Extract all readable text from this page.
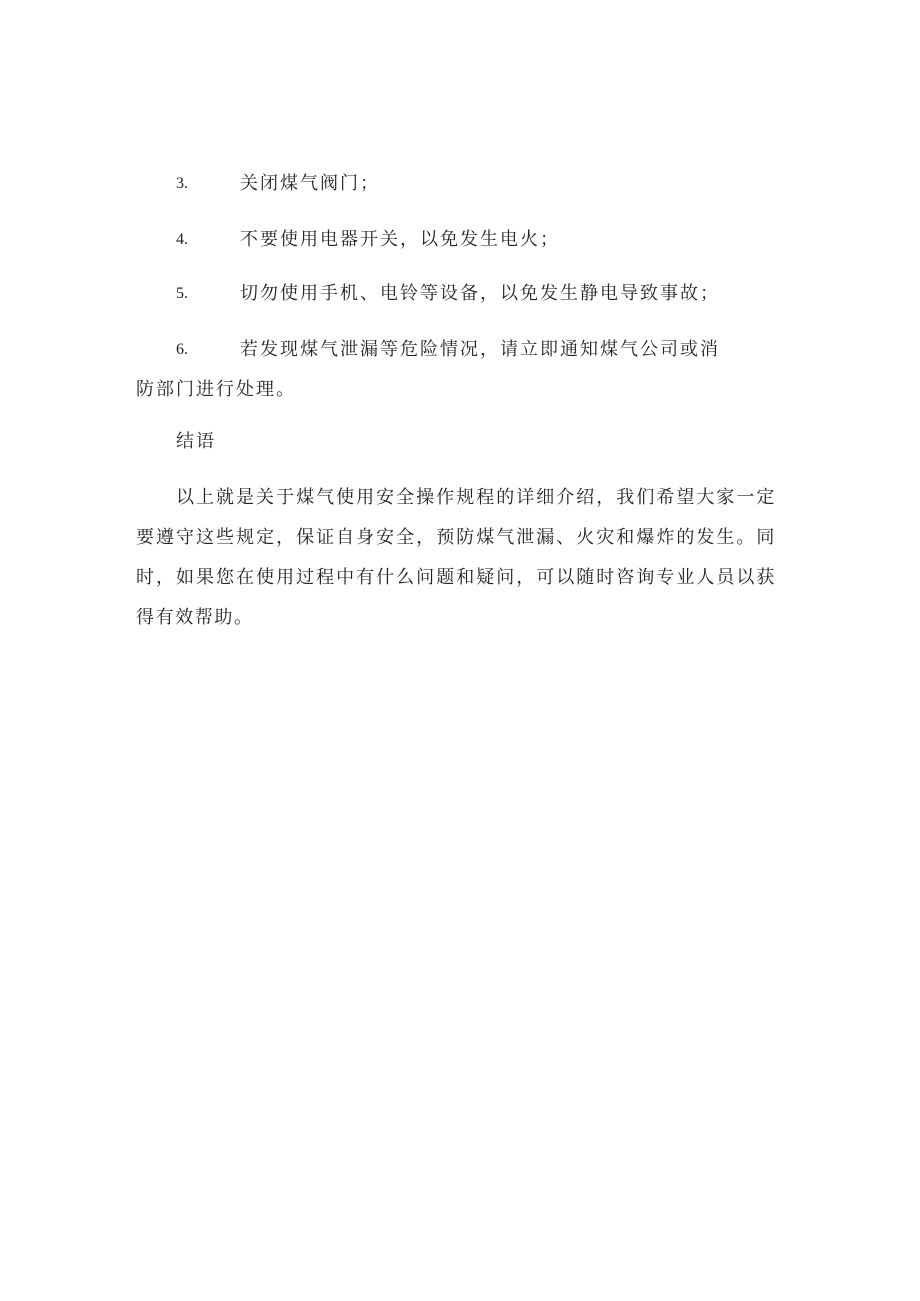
3.	关闭煤气阀门；
4.	不要使用电器开关，以免发生电火；
5.	切勿使用手机、电铃等设备，以免发生静电导致事故；
6.	若发现煤气泄漏等危险情况，请立即通知煤气公司或消防部门进行处理。
结语
以上就是关于煤气使用安全操作规程的详细介绍，我们希望大家一定要遵守这些规定，保证自身安全，预防煤气泄漏、火灾和爆炸的发生。同时，如果您在使用过程中有什么问题和疑问，可以随时咨询专业人员以获得有效帮助。
